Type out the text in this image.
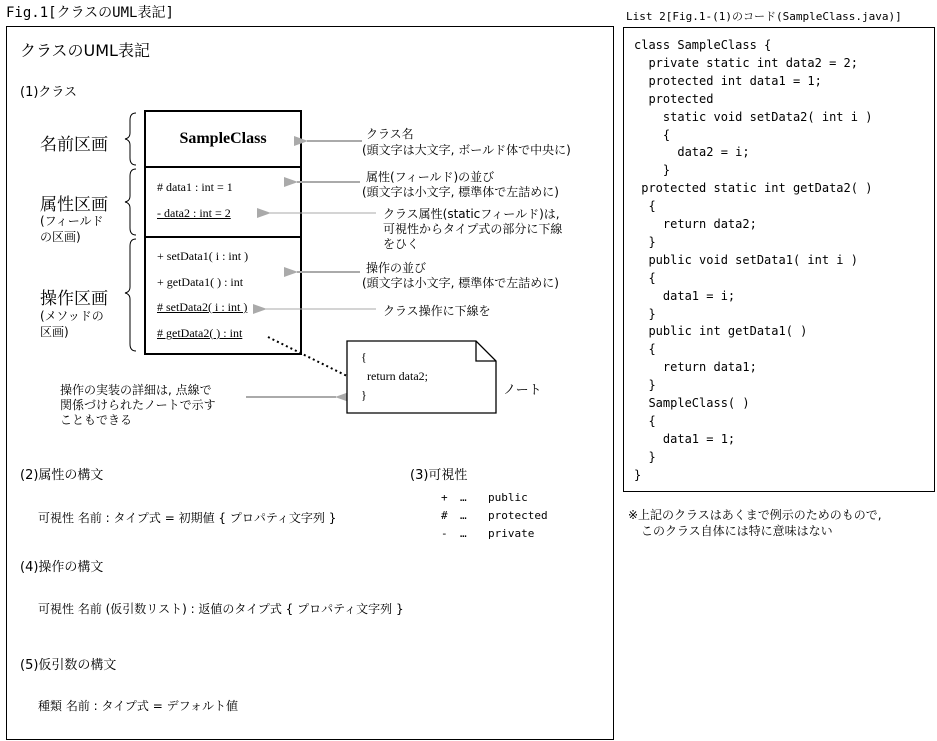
Fig.1[クラスのUML表記]
クラスのUML表記
(1)クラス
名前区画
属性区画
(フィールド
の区画)
操作区画
(メソッドの
区画)
SampleClass
# data1 : int = 1
- data2 : int = 2
+ setData1( i : int )
+ getData1( ) : int
# setData2( i : int )
# getData2( ) : int
クラス名
(頭文字は大文字, ボールド体で中央に)
属性(フィールド)の並び
(頭文字は小文字, 標準体で左詰めに)
クラス属性(staticフィールド)は,
可視性からタイプ式の部分に下線
をひく
操作の並び
(頭文字は小文字, 標準体で左詰めに)
クラス操作に下線を
{
return data2;
}	ノート
操作の実装の詳細は, 点線で
関係づけられたノートで示す
こともできる
(2)属性の構文
可視性 名前 : タイプ式 = 初期値 { プロパティ文字列 }
(3)可視性
+ … public
# … protected
- … private
(4)操作の構文
可視性 名前 (仮引数リスト) : 返値のタイプ式 { プロパティ文字列 }
(5)仮引数の構文
種類 名前 : タイプ式 = デフォルト値
List 2[Fig.1-(1)のコード(SampleClass.java)]
class SampleClass {
private static int data2 = 2;
protected int data1 = 1;
protected
static void setData2( int i )
{
data2 = i;
}
protected static int getData2( )
{
return data2;
}
public void setData1( int i )
{
data1 = i;
}
public int getData1( )
{
return data1;
}
SampleClass( )
{
data1 = 1;
}
}
※上記のクラスはあくまで例示のためのもので,
このクラス自体には特に意味はない
